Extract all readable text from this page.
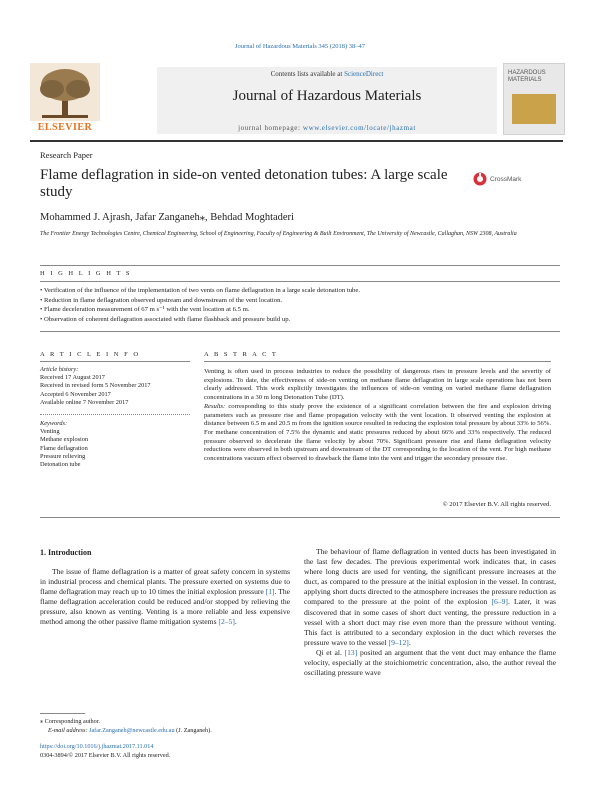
Journal of Hazardous Materials 345 (2018) 38–47
Contents lists available at ScienceDirect
Journal of Hazardous Materials
journal homepage: www.elsevier.com/locate/jhazmat
ELSEVIER
HAZARDOUS MATERIALS
Research Paper
Flame deflagration in side-on vented detonation tubes: A large scale study
CrossMark
Mohammed J. Ajrash, Jafar Zanganeh⁎, Behdad Moghtaderi
The Frontier Energy Technologies Centre, Chemical Engineering, School of Engineering, Faculty of Engineering & Built Environment, The University of Newcastle, Callaghan, NSW 2308, Australia
H I G H L I G H T S
• Verification of the influence of the implementation of two vents on flame deflagration in a large scale detonation tube.
• Reduction in flame deflagration observed upstream and downstream of the vent location.
• Flame deceleration measurement of 67 m s⁻¹ with the vent location at 6.5 m.
• Observation of coherent deflagration associated with flame flashback and pressure build up.
A R T I C L E I N F O
Article history:
Received 17 August 2017
Received in revised form 5 November 2017
Accepted 6 November 2017
Available online 7 November 2017
Keywords:
Venting
Methane explosion
Flame deflagration
Pressure relieving
Detonation tube
A B S T R A C T

Venting is often used in process industries to reduce the possibility of dangerous rises in pressure levels and the severity of explosions. To date, the effectiveness of side-on venting on methane flame deflagration in large scale operations has not been clearly addressed. This work explicitly investigates the influences of side-on venting on varied methane flame deflagration concentrations in a 30 m long Detonation Tube (DT).

Results: corresponding to this study prove the existence of a significant correlation between the fire and explosion driving parameters such as pressure rise and flame propagation velocity with the vent location. It observed venting the explosion at distance between 6.5 m and 20.5 m from the ignition source resulted in reducing the explosion total pressure by about 33% to 56%. For methane concentration of 7.5% the dynamic and static pressures reduced by about 66% and 33% respectively. The reduced pressure observed to decelerate the flame velocity by about 70%. Significant pressure rise and flame deflagration velocity reductions were observed in both upstream and downstream of the DT corresponding to the location of the vent. For high methane concentrations vacuum effect observed to drawback the flame into the vent and trigger the secondary pressure rise.

© 2017 Elsevier B.V. All rights reserved.
1. Introduction

The issue of flame deflagration is a matter of great safety concern in systems in industrial process and chemical plants. The pressure exerted on systems due to flame deflagration may reach up to 10 times the initial explosion pressure [1]. The flame deflagration acceleration could be reduced and/or stopped by relieving the pressure, also known as venting. Venting is a more reliable and less expensive method among the other passive flame mitigation systems [2–5].

The behaviour of flame deflagration in vented ducts has been investigated in the last few decades. The previous experimental work indicates that, in cases where long ducts are used for venting, the significant pressure increases at the duct, as compared to the pressure at the initial explosion in the vessel. In contrast, applying short ducts directed to the atmosphere increases the pressure reduction as compared to the pressure at the point of the explosion [6–9]. Later, it was discovered that in some cases of short duct venting, the pressure reduction in a vessel with a short duct may rise even more than the pressure without venting. This fact is attributed to a secondary explosion in the duct which reverses the pressure wave to the vessel [9–12].

Qi et al. [13] posited an argument that the vent duct may enhance the flame velocity, especially at the stoichiometric concentration, also, the author reveal the oscillating pressure wave

⁎ Corresponding author.
E-mail address: Jafar.Zanganeh@newcastle.edu.au (J. Zanganeh).
https://doi.org/10.1016/j.jhazmat.2017.11.014
0304-3894/© 2017 Elsevier B.V. All rights reserved.
